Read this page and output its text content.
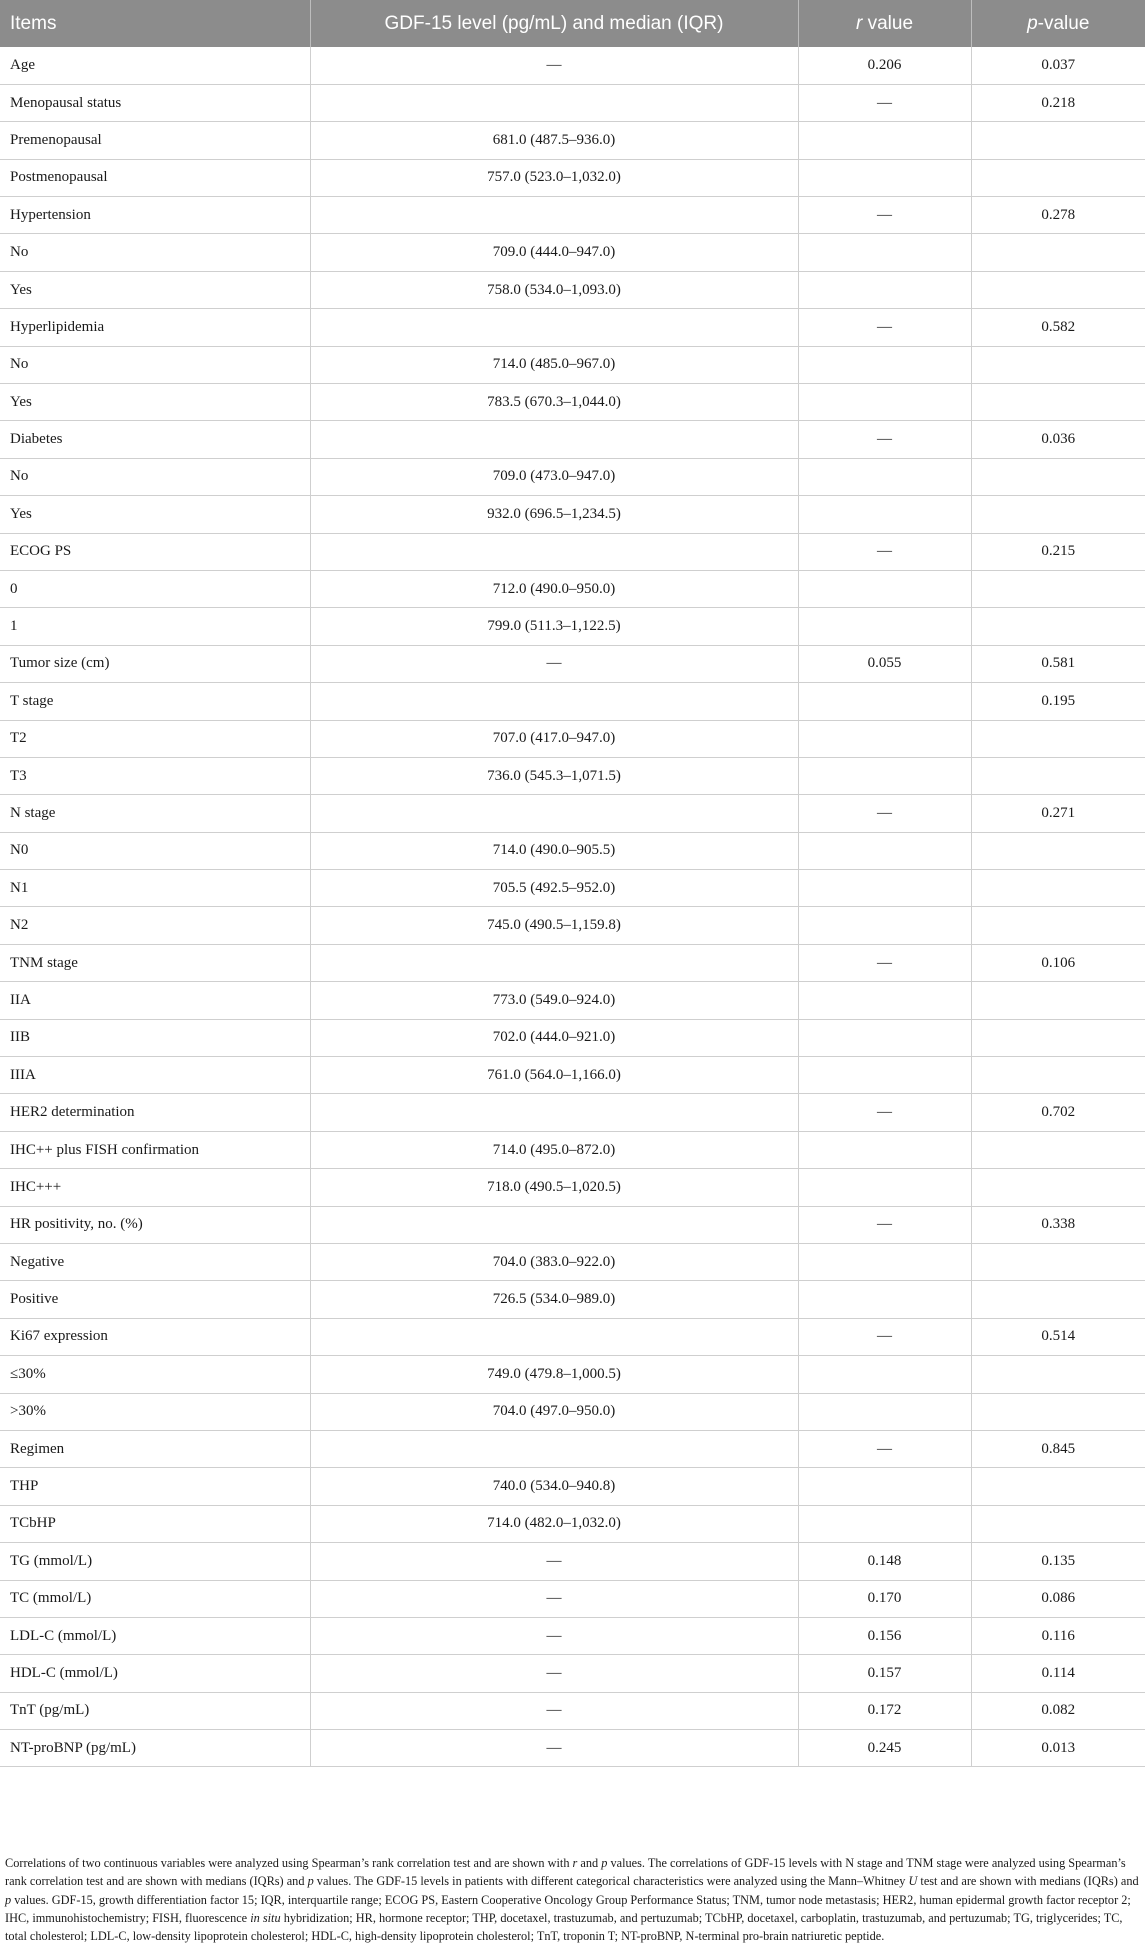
Items	GDF-15 level (pg/mL) and median (IQR)	r value	p-value
Age	—	0.206	0.037
Menopausal status		—	0.218
Premenopausal	681.0 (487.5–936.0)		
Postmenopausal	757.0 (523.0–1,032.0)		
Hypertension		—	0.278
No	709.0 (444.0–947.0)		
Yes	758.0 (534.0–1,093.0)		
Hyperlipidemia		—	0.582
No	714.0 (485.0–967.0)		
Yes	783.5 (670.3–1,044.0)		
Diabetes		—	0.036
No	709.0 (473.0–947.0)		
Yes	932.0 (696.5–1,234.5)		
ECOG PS		—	0.215
0	712.0 (490.0–950.0)		
1	799.0 (511.3–1,122.5)		
Tumor size (cm)	—	0.055	0.581
T stage			0.195
T2	707.0 (417.0–947.0)		
T3	736.0 (545.3–1,071.5)		
N stage		—	0.271
N0	714.0 (490.0–905.5)		
N1	705.5 (492.5–952.0)		
N2	745.0 (490.5–1,159.8)		
TNM stage		—	0.106
IIA	773.0 (549.0–924.0)		
IIB	702.0 (444.0–921.0)		
IIIA	761.0 (564.0–1,166.0)		
HER2 determination		—	0.702
IHC++ plus FISH confirmation	714.0 (495.0–872.0)		
IHC+++	718.0 (490.5–1,020.5)		
HR positivity, no. (%)		—	0.338
Negative	704.0 (383.0–922.0)		
Positive	726.5 (534.0–989.0)		
Ki67 expression		—	0.514
≤30%	749.0 (479.8–1,000.5)		
>30%	704.0 (497.0–950.0)		
Regimen		—	0.845
THP	740.0 (534.0–940.8)		
TCbHP	714.0 (482.0–1,032.0)		
TG (mmol/L)	—	0.148	0.135
TC (mmol/L)	—	0.170	0.086
LDL-C (mmol/L)	—	0.156	0.116
HDL-C (mmol/L)	—	0.157	0.114
TnT (pg/mL)	—	0.172	0.082
NT-proBNP (pg/mL)	—	0.245	0.013
Correlations of two continuous variables were analyzed using Spearman’s rank correlation test and are shown with r and p values. The correlations of GDF-15 levels with N stage and TNM stage were analyzed using Spearman’s rank correlation test and are shown with medians (IQRs) and p values. The GDF-15 levels in patients with different categorical characteristics were analyzed using the Mann–Whitney U test and are shown with medians (IQRs) and p values. GDF-15, growth differentiation factor 15; IQR, interquartile range; ECOG PS, Eastern Cooperative Oncology Group Performance Status; TNM, tumor node metastasis; HER2, human epidermal growth factor receptor 2; IHC, immunohistochemistry; FISH, fluorescence in situ hybridization; HR, hormone receptor; THP, docetaxel, trastuzumab, and pertuzumab; TCbHP, docetaxel, carboplatin, trastuzumab, and pertuzumab; TG, triglycerides; TC, total cholesterol; LDL-C, low-density lipoprotein cholesterol; HDL-C, high-density lipoprotein cholesterol; TnT, troponin T; NT-proBNP, N-terminal pro-brain natriuretic peptide.
